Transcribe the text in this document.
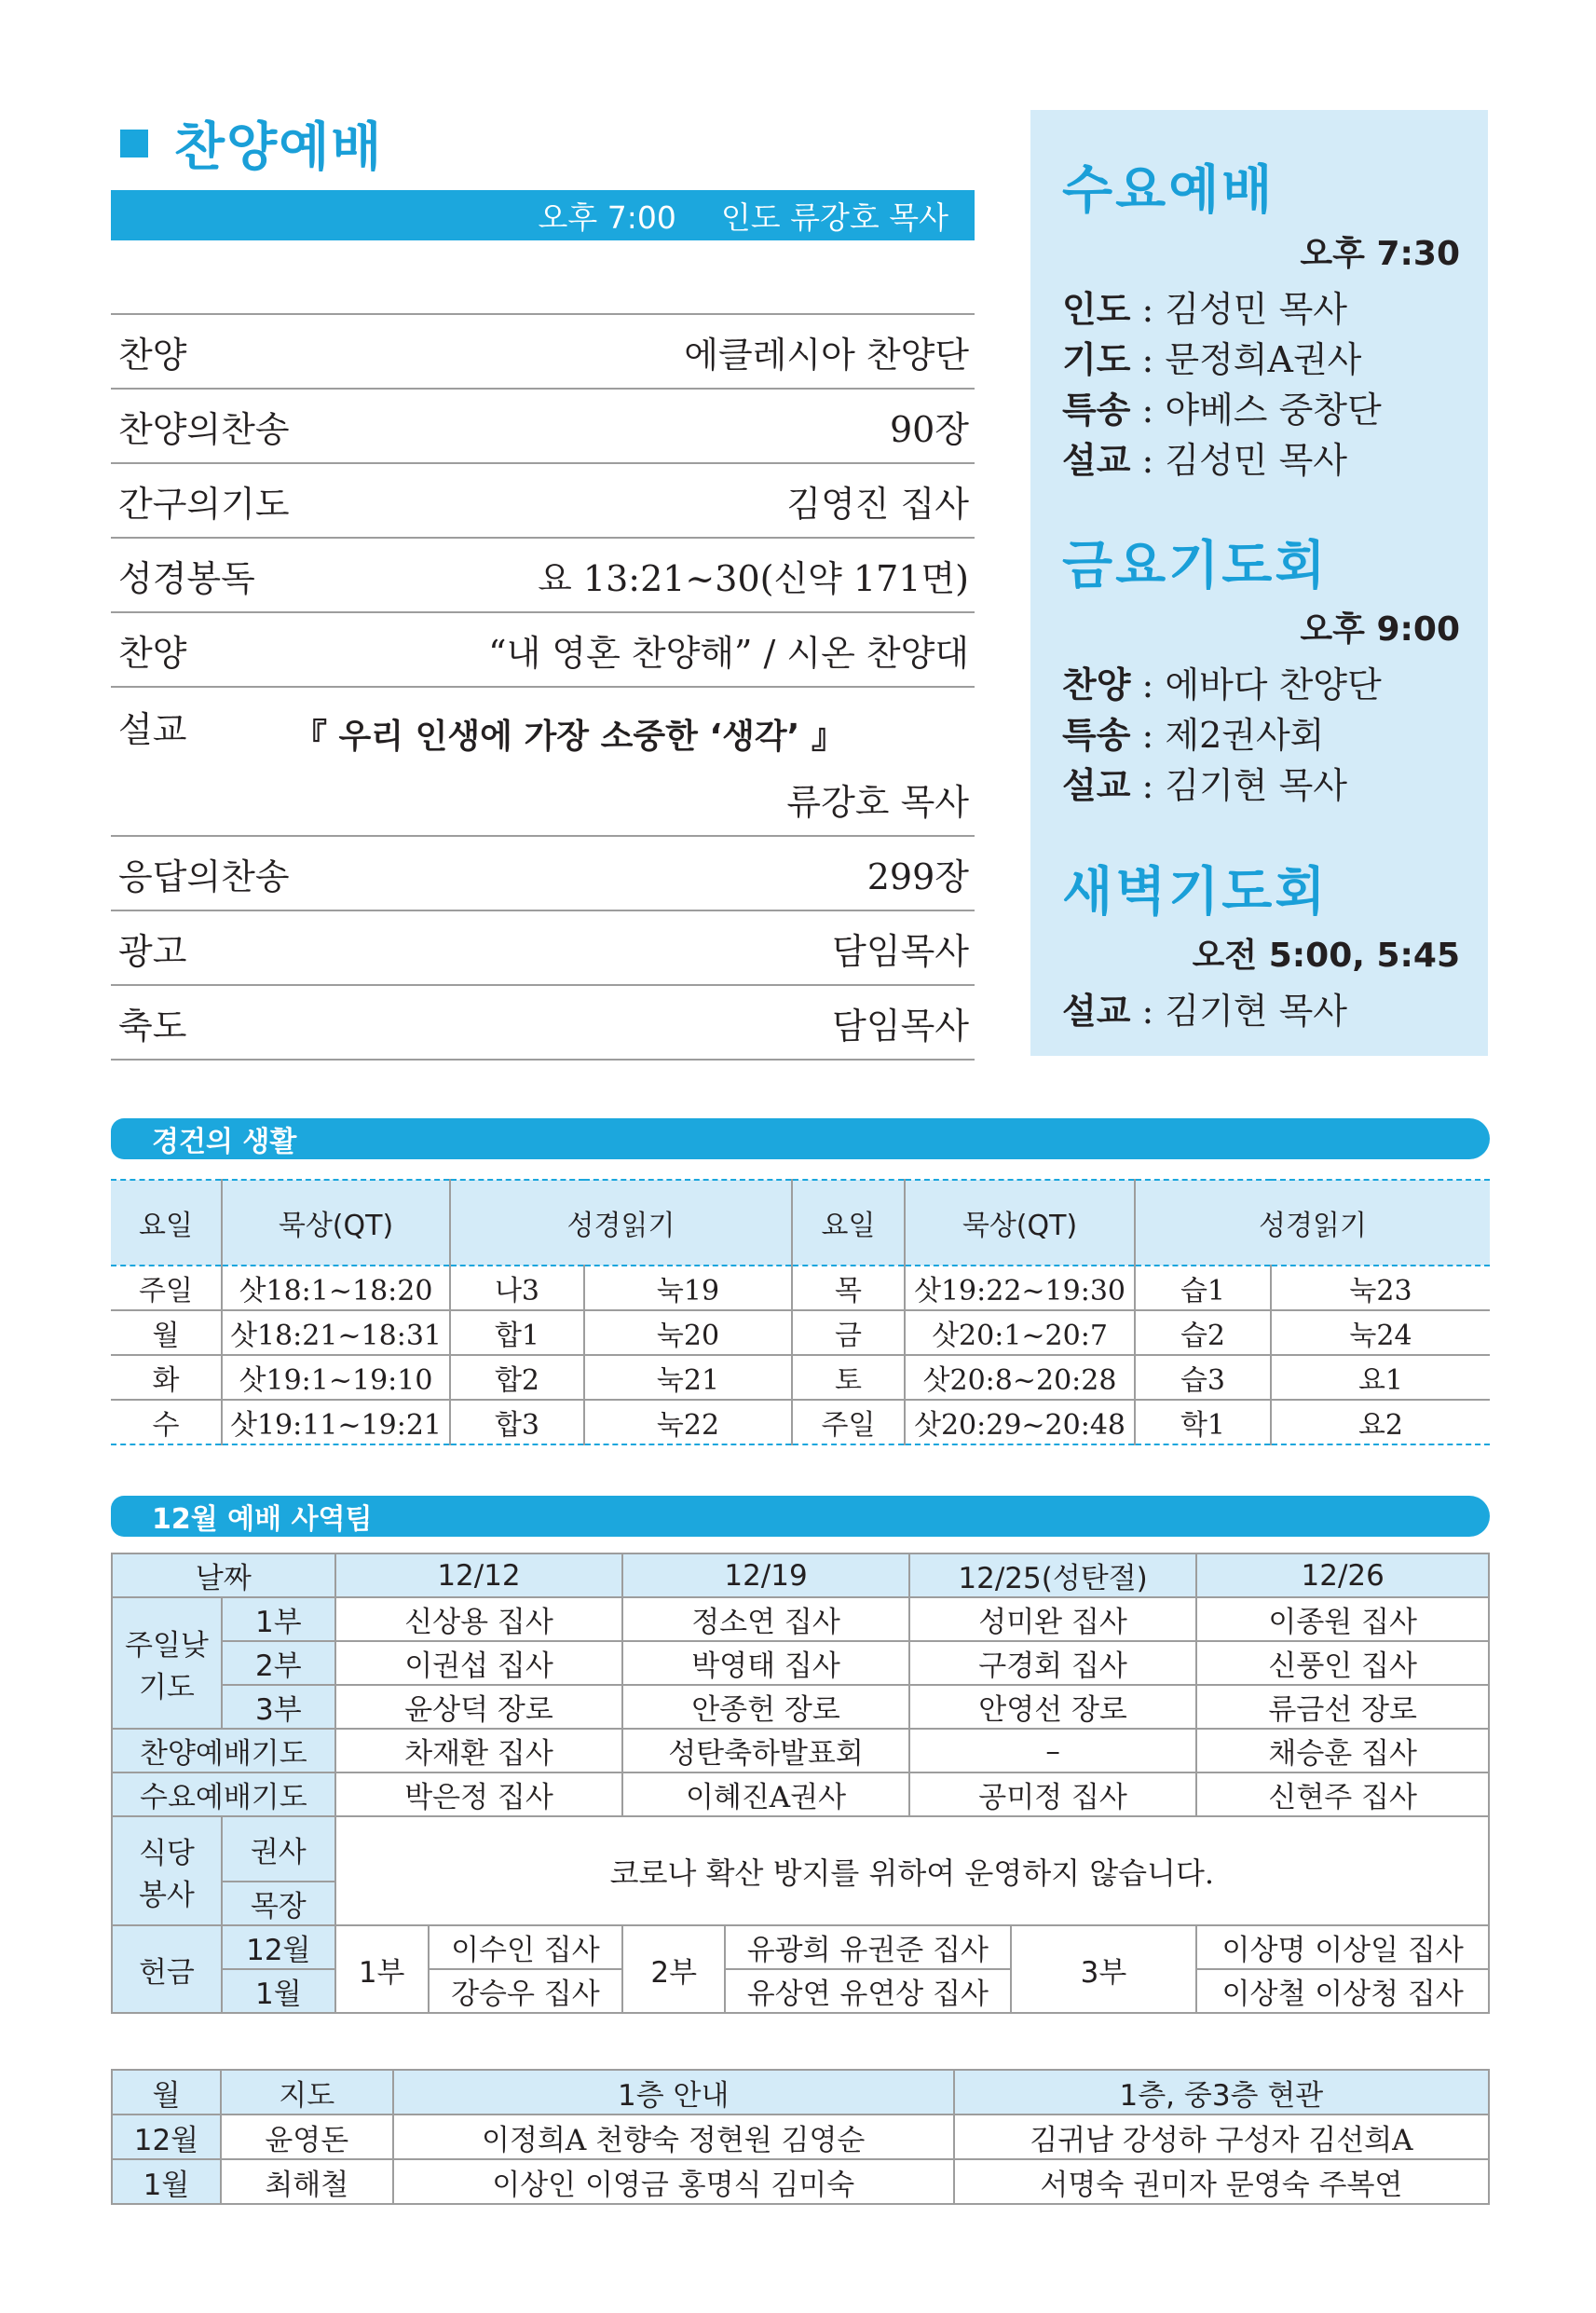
찬양예배
오후 7:00 인도 류강호 목사
찬양	에클레시아 찬양단
찬양의찬송	90장
간구의기도	김영진 집사
성경봉독	요 13:21~30(신약 171면)
찬양	“내 영혼 찬양해” / 시온 찬양대
설교	『 우리 인생에 가장 소중한 ‘생각’ 』
류강호 목사
응답의찬송	299장
광고	담임목사
축도	담임목사
수요예배
오후 7:30
인도 : 김성민 목사
기도 : 문정희A권사
특송 : 야베스 중창단
설교 : 김성민 목사
금요기도회
오후 9:00
찬양 : 에바다 찬양단
특송 : 제2권사회
설교 : 김기현 목사
새벽기도회
오전 5:00, 5:45
설교 : 김기현 목사
경건의 생활
요일	묵상(QT)	성경읽기		요일	묵상(QT)	성경읽기	
주일	삿18:1~18:20	나3	눅19	목	삿19:22~19:30	습1	눅23
월	삿18:21~18:31	합1	눅20	금	삿20:1~20:7	습2	눅24
화	삿19:1~19:10	합2	눅21	토	삿20:8~20:28	습3	요1
수	삿19:11~19:21	합3	눅22	주일	삿20:29~20:48	학1	요2
12월 예배 사역팀
날짜		12/12		12/19		12/25(성탄절)		12/26
주일낮 기도	1부	신상용 집사		정소연 집사		성미완 집사		이종원 집사
	2부	이권섭 집사		박영태 집사		구경회 집사		신풍인 집사
	3부	윤상덕 장로		안종헌 장로		안영선 장로		류금선 장로
찬양예배기도		차재환 집사		성탄축하발표회		–		채승훈 집사
수요예배기도		박은정 집사		이혜진A권사		공미정 집사		신현주 집사
식당 봉사	권사	코로나 확산 방지를 위하여 운영하지 않습니다.						
	목장							
헌금	12월	1부	이수인 집사	2부	유광희 유권준 집사		3부	이상명 이상일 집사
	1월		강승우 집사		유상연 유연상 집사			이상철 이상청 집사
월	지도	1층 안내	1층, 중3층 현관
12월	윤영돈	이정희A 천향숙 정현원 김영순	김귀남 강성하 구성자 김선희A
1월	최해철	이상인 이영금 홍명식 김미숙	서명숙 권미자 문영숙 주복연
